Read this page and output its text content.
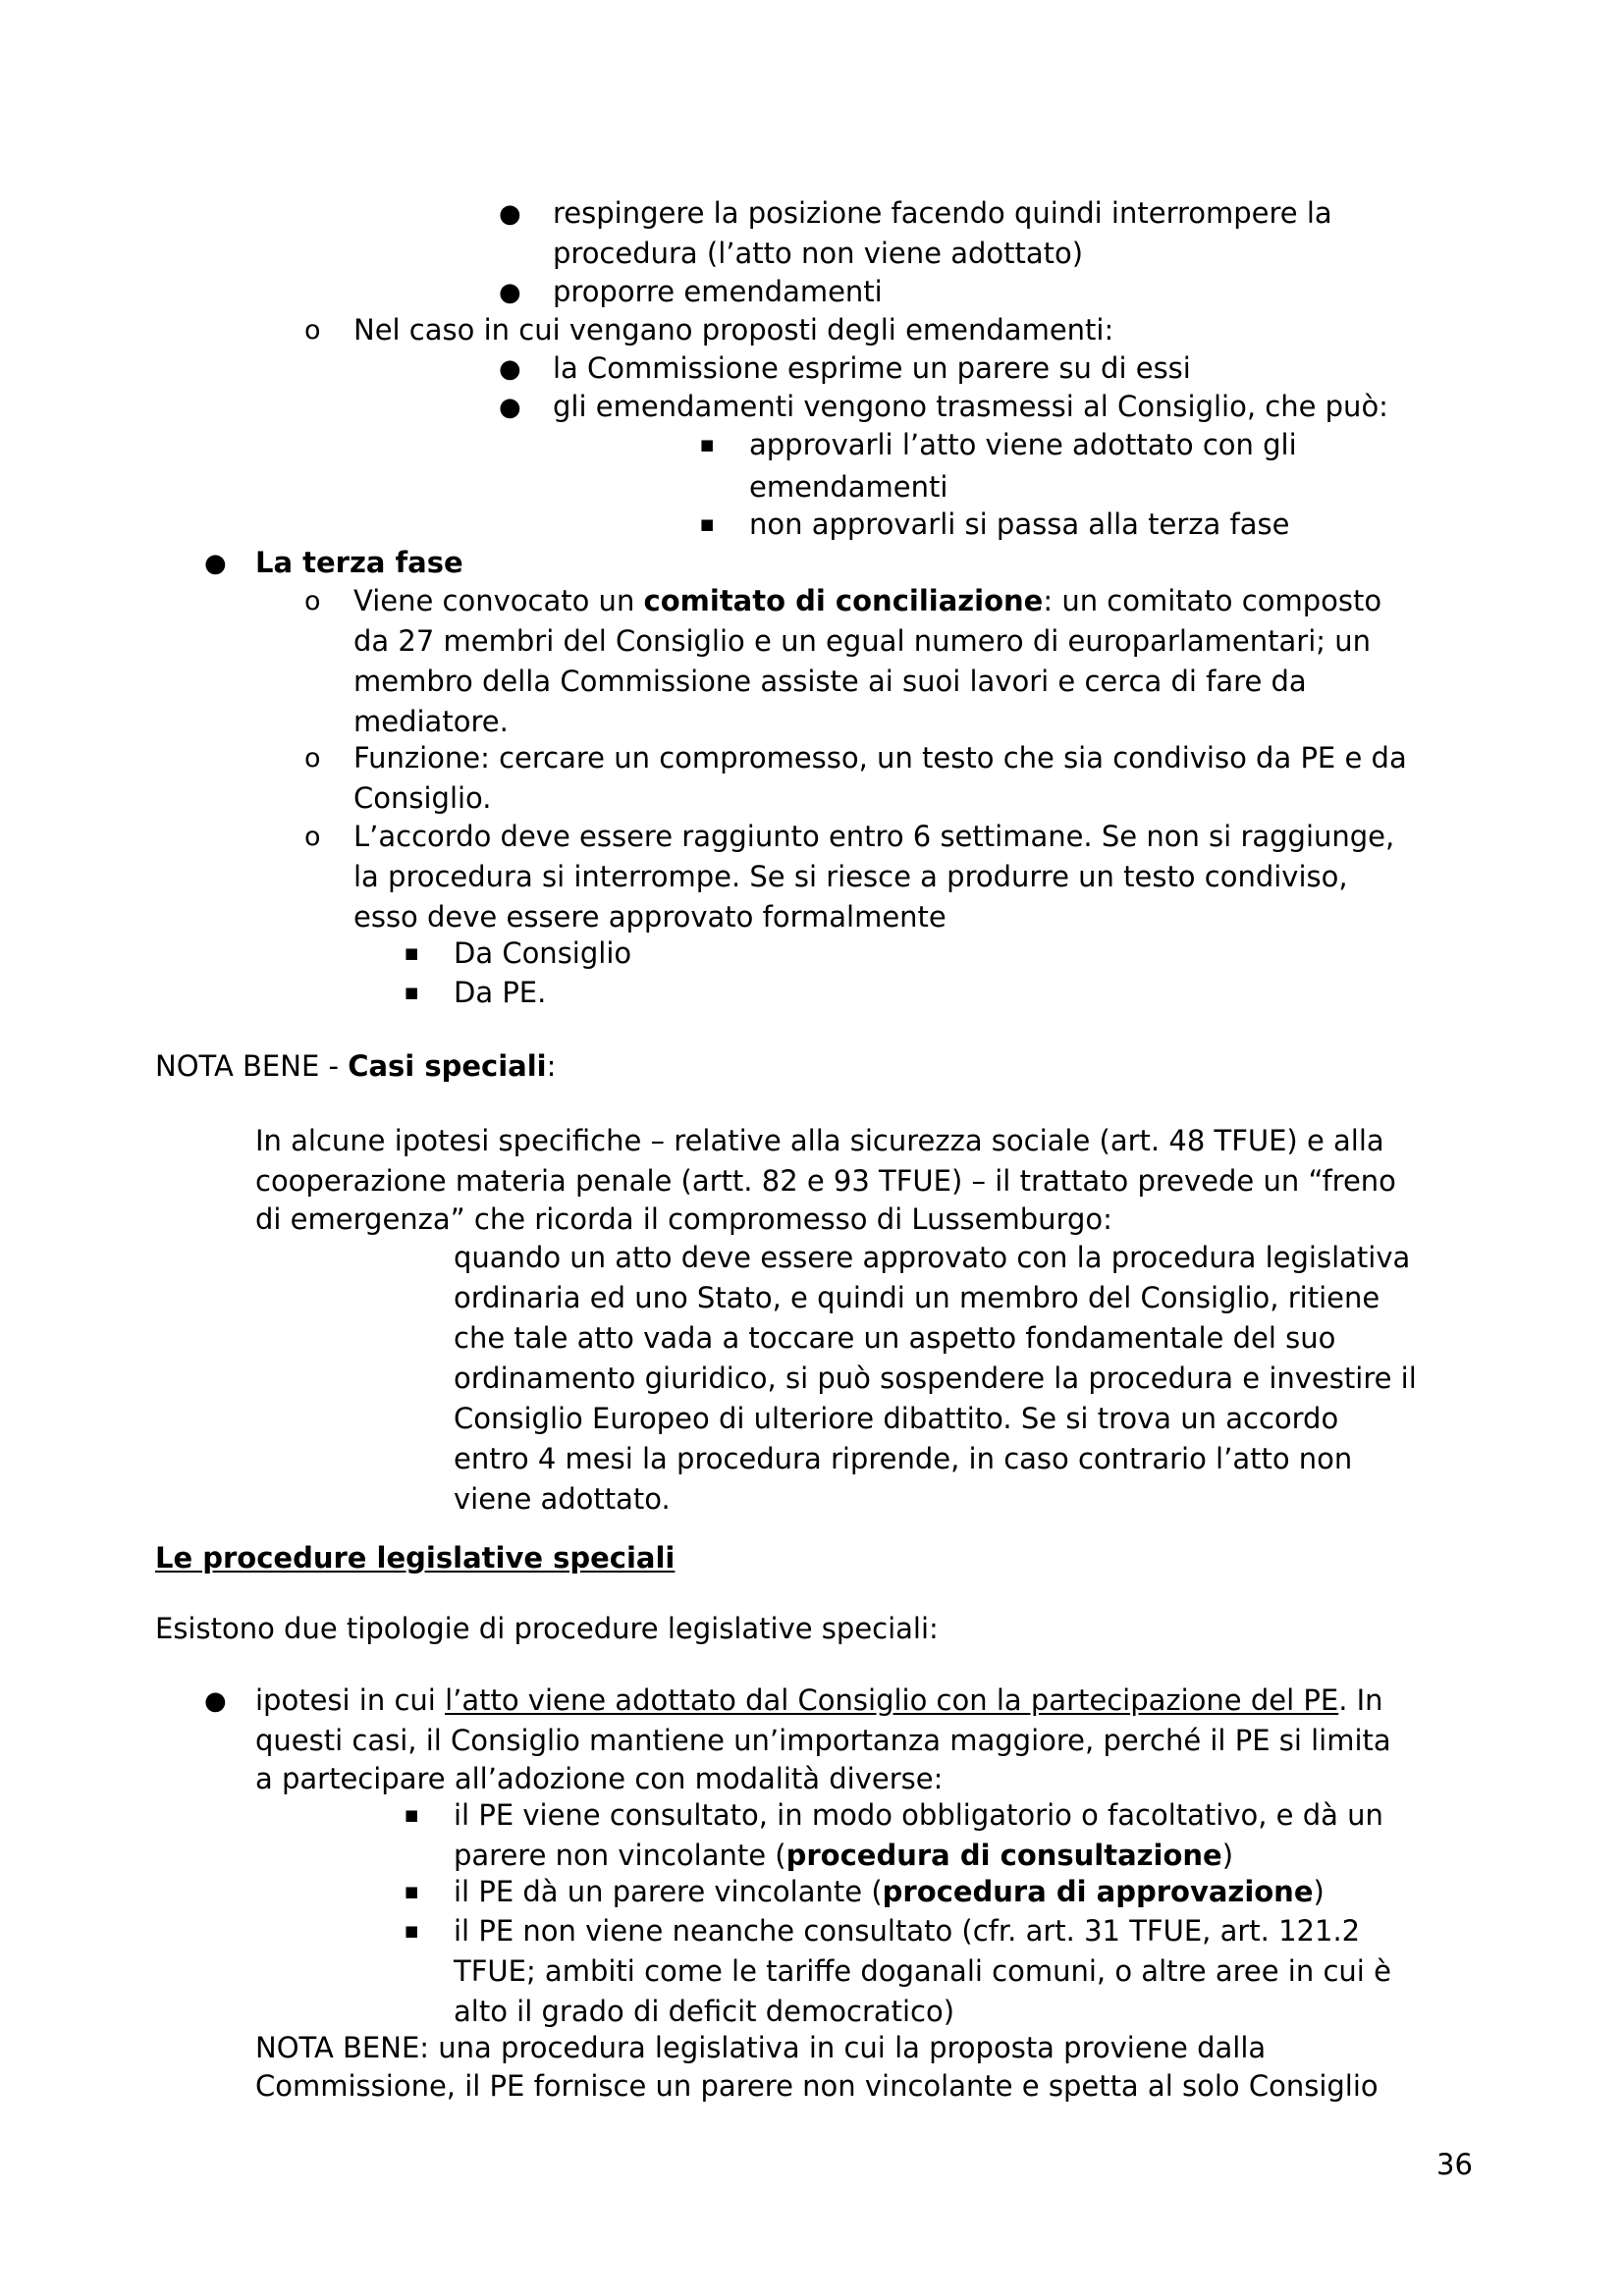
● respingere la posizione facendo quindi interrompere la
procedura (l’atto non viene adottato)
● proporre emendamenti
o Nel caso in cui vengano proposti degli emendamenti:
● la Commissione esprime un parere su di essi
● gli emendamenti vengono trasmessi al Consiglio, che può:
■ approvarli l’atto viene adottato con gli
emendamenti
■ non approvarli si passa alla terza fase
● La terza fase
o Viene convocato un comitato di conciliazione: un comitato composto
da 27 membri del Consiglio e un egual numero di europarlamentari; un
membro della Commissione assiste ai suoi lavori e cerca di fare da
mediatore.
o Funzione: cercare un compromesso, un testo che sia condiviso da PE e da
Consiglio.
o L’accordo deve essere raggiunto entro 6 settimane. Se non si raggiunge,
la procedura si interrompe. Se si riesce a produrre un testo condiviso,
esso deve essere approvato formalmente
■ Da Consiglio
■ Da PE.
NOTA BENE - Casi speciali:
In alcune ipotesi specifiche – relative alla sicurezza sociale (art. 48 TFUE) e alla
cooperazione materia penale (artt. 82 e 93 TFUE) – il trattato prevede un “freno
di emergenza” che ricorda il compromesso di Lussemburgo:
quando un atto deve essere approvato con la procedura legislativa
ordinaria ed uno Stato, e quindi un membro del Consiglio, ritiene
che tale atto vada a toccare un aspetto fondamentale del suo
ordinamento giuridico, si può sospendere la procedura e investire il
Consiglio Europeo di ulteriore dibattito. Se si trova un accordo
entro 4 mesi la procedura riprende, in caso contrario l’atto non
viene adottato.
Le procedure legislative speciali
Esistono due tipologie di procedure legislative speciali:
● ipotesi in cui l’atto viene adottato dal Consiglio con la partecipazione del PE. In
questi casi, il Consiglio mantiene un’importanza maggiore, perché il PE si limita
a partecipare all’adozione con modalità diverse:
■ il PE viene consultato, in modo obbligatorio o facoltativo, e dà un
parere non vincolante (procedura di consultazione)
■ il PE dà un parere vincolante (procedura di approvazione)
■ il PE non viene neanche consultato (cfr. art. 31 TFUE, art. 121.2
TFUE; ambiti come le tariffe doganali comuni, o altre aree in cui è
alto il grado di deficit democratico)
NOTA BENE: una procedura legislativa in cui la proposta proviene dalla
Commissione, il PE fornisce un parere non vincolante e spetta al solo Consiglio
36
